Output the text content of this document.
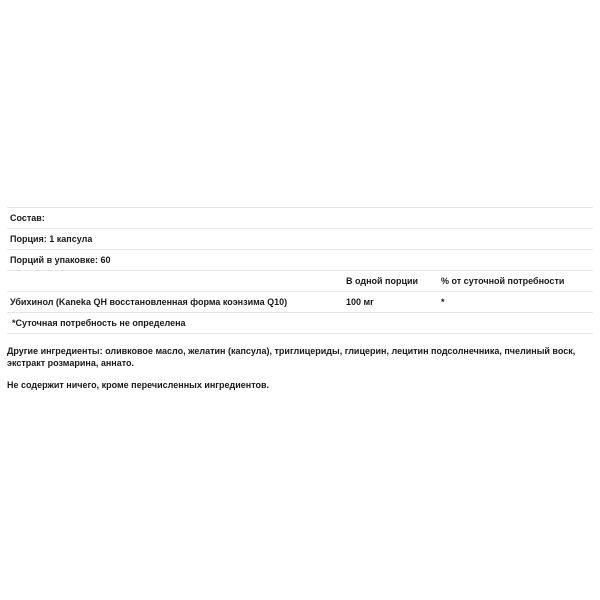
Состав:		
Порция: 1 капсула		
Порций в упаковке: 60		
	В одной порции	% от суточной потребности
Убихинол (Kaneka QH восстановленная форма коэнзима Q10)	100 мг	*
*Суточная потребность не определена		

Другие ингредиенты: оливковое масло, желатин (капсула), триглицериды, глицерин, лецитин подсолнечника, пчелиный воск, экстракт розмарина, аннато.

Не содержит ничего, кроме перечисленных ингредиентов.
